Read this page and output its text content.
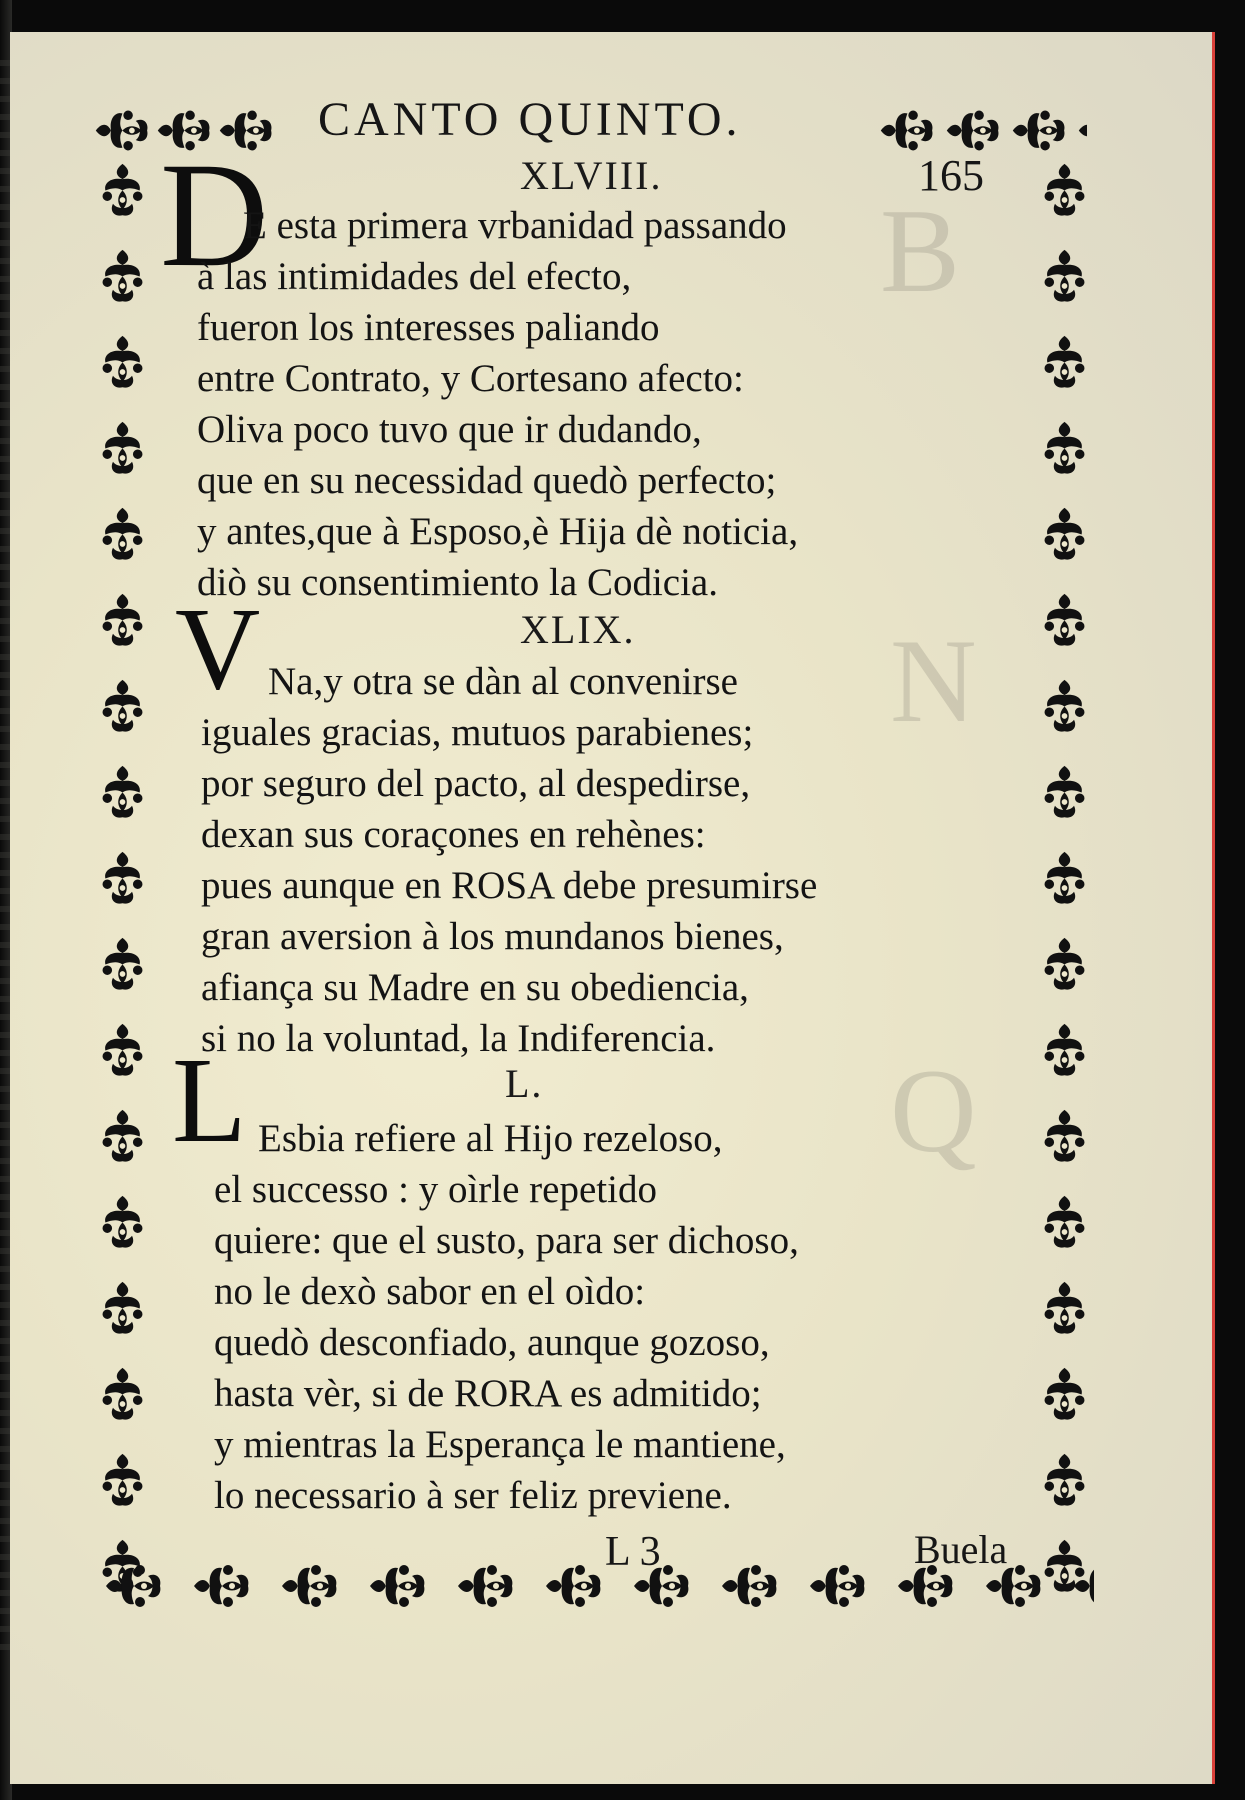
B
N
Q
CANTO QUINTO.
165
XLVIII.
D
E esta primera vrbanidad passando
à las intimidades del efecto,
fueron los interesses paliando
entre Contrato, y Cortesano afecto:
Oliva poco tuvo que ir dudando,
que en su necessidad quedò perfecto;
y antes,que à Esposo,è Hija dè noticia,
diò su consentimiento la Codicia.
XLIX.
V Na,y otra se dàn al convenirse
iguales gracias, mutuos parabienes;
por seguro del pacto, al despedirse,
dexan sus coraçones en rehènes:
pues aunque en ROSA debe presumirse
gran aversion à los mundanos bienes,
afiança su Madre en su obediencia,
si no la voluntad, la Indiferencia.
L.
L Esbia refiere al Hijo rezeloso,
el successo : y oìrle repetido
quiere: que el susto, para ser dichoso,
no le dexò sabor en el oìdo:
quedò desconfiado, aunque gozoso,
hasta vèr, si de RORA es admitido;
y mientras la Esperança le mantiene,
lo necessario à ser feliz previene.
L 3	Buela
